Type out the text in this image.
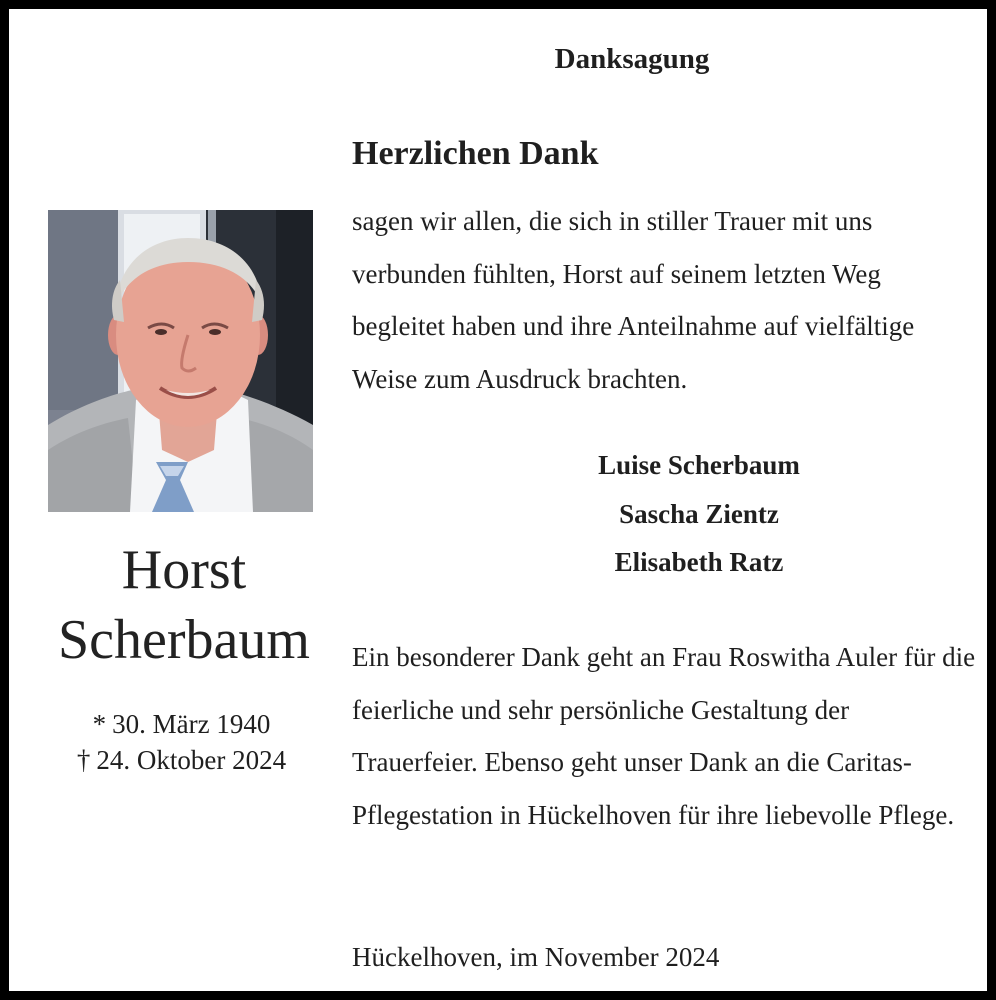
Danksagung
Herzlichen Dank

sagen wir allen, die sich in stiller Trauer mit uns verbunden fühlten, Horst auf seinem letzten Weg begleitet haben und ihre Anteilnahme auf vielfältige Weise zum Ausdruck brachten.

Luise Scherbaum
Sascha Zientz
Elisabeth Ratz

Ein besonderer Dank geht an Frau Roswitha Auler für die feierliche und sehr persönliche Gestaltung der Trauerfeier. Ebenso geht unser Dank an die Caritas- Pflegestation in Hückelhoven für ihre liebevolle Pflege.

Hückelhoven, im November 2024
Horst
Scherbaum
* 30. März 1940
† 24. Oktober 2024
